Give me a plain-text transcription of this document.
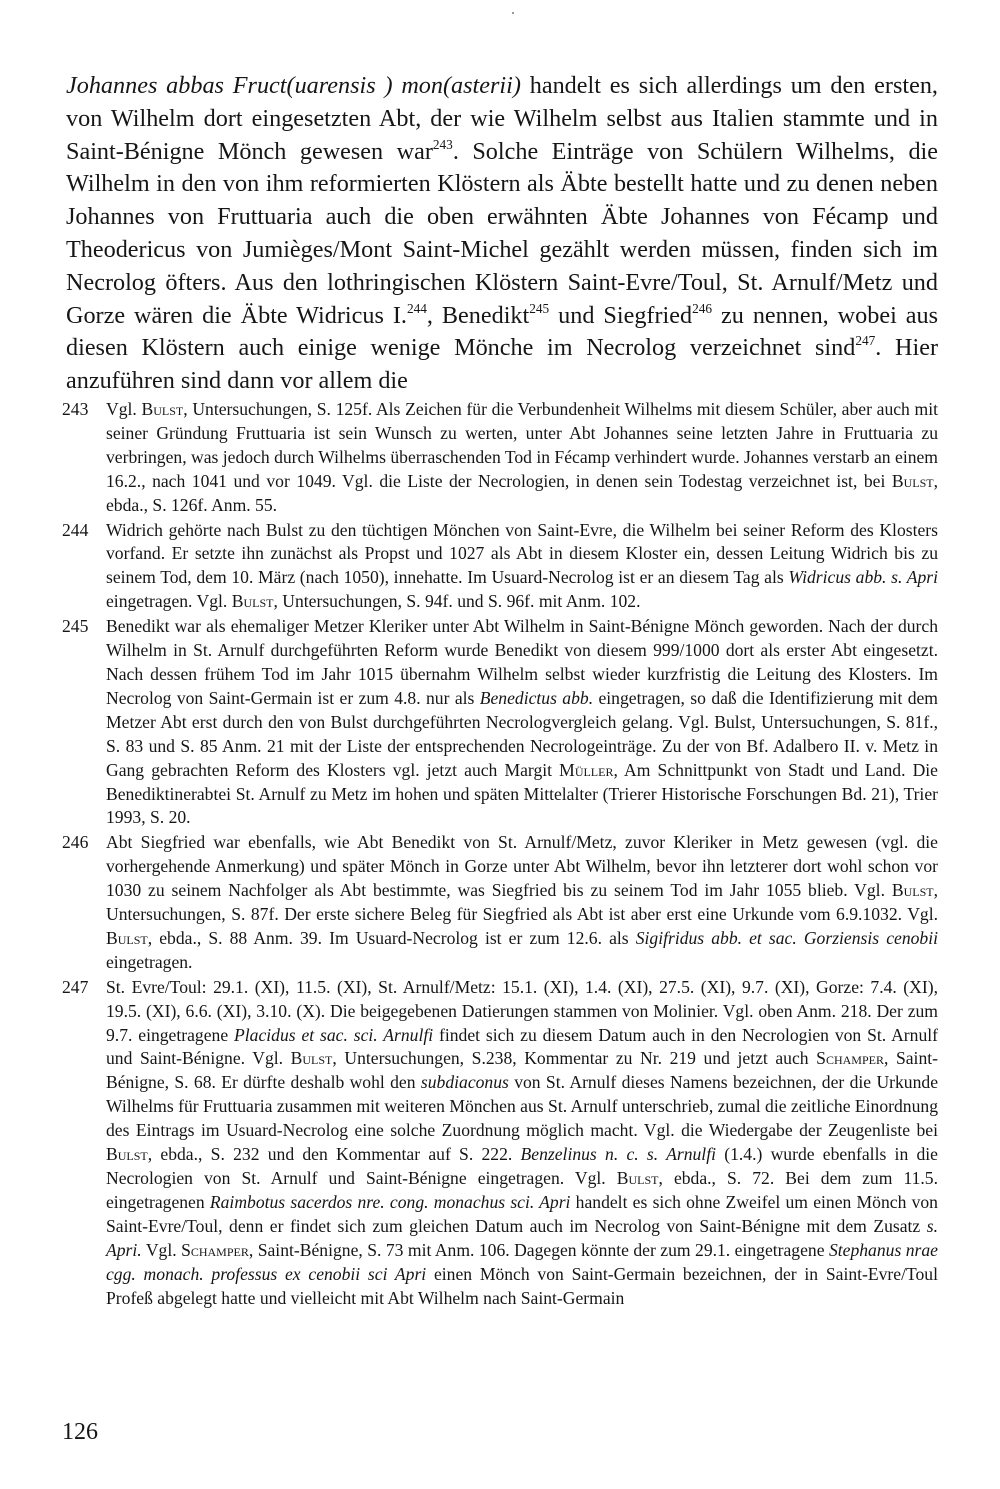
Johannes abbas Fruct(uarensis ) mon(asterii) handelt es sich allerdings um den ersten, von Wilhelm dort eingesetzten Abt, der wie Wilhelm selbst aus Italien stammte und in Saint-Bénigne Mönch gewesen war$^{243}$. Solche Einträge von Schülern Wilhelms, die Wilhelm in den von ihm reformierten Klöstern als Äbte bestellt hatte und zu denen neben Johannes von Fruttuaria auch die oben erwähnten Äbte Johannes von Fécamp und Theodericus von Jumièges/Mont Saint-Michel gezählt werden müssen, finden sich im Necrolog öfters. Aus den lothringischen Klöstern Saint-Evre/Toul, St. Arnulf/Metz und Gorze wären die Äbte Widricus I.$^{244}$, Benedikt$^{245}$ und Siegfried$^{246}$ zu nennen, wobei aus diesen Klöstern auch einige wenige Mönche im Necrolog verzeichnet sind$^{247}$. Hier anzuführen sind dann vor allem die
243	Vgl. Bulst, Untersuchungen, S. 125f. Als Zeichen für die Verbundenheit Wilhelms mit diesem Schüler, aber auch mit seiner Gründung Fruttuaria ist sein Wunsch zu werten, unter Abt Johannes seine letzten Jahre in Fruttuaria zu verbringen, was jedoch durch Wilhelms überraschenden Tod in Fécamp verhindert wurde. Johannes verstarb an einem 16.2., nach 1041 und vor 1049. Vgl. die Liste der Necrologien, in denen sein Todestag verzeichnet ist, bei Bulst, ebda., S. 126f. Anm. 55.
244	Widrich gehörte nach Bulst zu den tüchtigen Mönchen von Saint-Evre, die Wilhelm bei seiner Reform des Klosters vorfand. Er setzte ihn zunächst als Propst und 1027 als Abt in diesem Kloster ein, dessen Leitung Widrich bis zu seinem Tod, dem 10. März (nach 1050), innehatte. Im Usuard-Necrolog ist er an diesem Tag als Widricus abb. s. Apri eingetragen. Vgl. Bulst, Untersuchungen, S. 94f. und S. 96f. mit Anm. 102.
245	Benedikt war als ehemaliger Metzer Kleriker unter Abt Wilhelm in Saint-Bénigne Mönch geworden. Nach der durch Wilhelm in St. Arnulf durchgeführten Reform wurde Benedikt von diesem 999/1000 dort als erster Abt eingesetzt. Nach dessen frühem Tod im Jahr 1015 übernahm Wilhelm selbst wieder kurzfristig die Leitung des Klosters. Im Necrolog von Saint-Germain ist er zum 4.8. nur als Benedictus abb. eingetragen, so daß die Identifizierung mit dem Metzer Abt erst durch den von Bulst durchgeführten Necrologvergleich gelang. Vgl. Bulst, Untersuchungen, S. 81f., S. 83 und S. 85 Anm. 21 mit der Liste der entsprechenden Necrologeinträge. Zu der von Bf. Adalbero II. v. Metz in Gang gebrachten Reform des Klosters vgl. jetzt auch Margit Müller, Am Schnittpunkt von Stadt und Land. Die Benediktinerabtei St. Arnulf zu Metz im hohen und späten Mittelalter (Trierer Historische Forschungen Bd. 21), Trier 1993, S. 20.
246	Abt Siegfried war ebenfalls, wie Abt Benedikt von St. Arnulf/Metz, zuvor Kleriker in Metz gewesen (vgl. die vorhergehende Anmerkung) und später Mönch in Gorze unter Abt Wilhelm, bevor ihn letzterer dort wohl schon vor 1030 zu seinem Nachfolger als Abt bestimmte, was Siegfried bis zu seinem Tod im Jahr 1055 blieb. Vgl. Bulst, Untersuchungen, S. 87f. Der erste sichere Beleg für Siegfried als Abt ist aber erst eine Urkunde vom 6.9.1032. Vgl. Bulst, ebda., S. 88 Anm. 39. Im Usuard-Necrolog ist er zum 12.6. als Sigifridus abb. et sac. Gorziensis cenobii eingetragen.
247	St. Evre/Toul: 29.1. (XI), 11.5. (XI), St. Arnulf/Metz: 15.1. (XI), 1.4. (XI), 27.5. (XI), 9.7. (XI), Gorze: 7.4. (XI), 19.5. (XI), 6.6. (XI), 3.10. (X). Die beigegebenen Datierungen stammen von Molinier. Vgl. oben Anm. 218. Der zum 9.7. eingetragene Placidus et sac. sci. Arnulfi findet sich zu diesem Datum auch in den Necrologien von St. Arnulf und Saint-Bénigne. Vgl. Bulst, Untersuchungen, S.238, Kommentar zu Nr. 219 und jetzt auch Schamper, Saint-Bénigne, S. 68. Er dürfte deshalb wohl den subdiaconus von St. Arnulf dieses Namens bezeichnen, der die Urkunde Wilhelms für Fruttuaria zusammen mit weiteren Mönchen aus St. Arnulf unterschrieb, zumal die zeitliche Einordnung des Eintrags im Usuard-Necrolog eine solche Zuordnung möglich macht. Vgl. die Wiedergabe der Zeugenliste bei Bulst, ebda., S. 232 und den Kommentar auf S. 222. Benzelinus n. c. s. Arnulfi (1.4.) wurde ebenfalls in die Necrologien von St. Arnulf und Saint-Bénigne eingetragen. Vgl. Bulst, ebda., S. 72. Bei dem zum 11.5. eingetragenen Raimbotus sacerdos nre. cong. monachus sci. Apri handelt es sich ohne Zweifel um einen Mönch von Saint-Evre/Toul, denn er findet sich zum gleichen Datum auch im Necrolog von Saint-Bénigne mit dem Zusatz s. Apri. Vgl. Schamper, Saint-Bénigne, S. 73 mit Anm. 106. Dagegen könnte der zum 29.1. eingetragene Stephanus nrae cgg. monach. professus ex cenobii sci Apri einen Mönch von Saint-Germain bezeichnen, der in Saint-Evre/Toul Profeß abgelegt hatte und vielleicht mit Abt Wilhelm nach Saint-Germain
126
